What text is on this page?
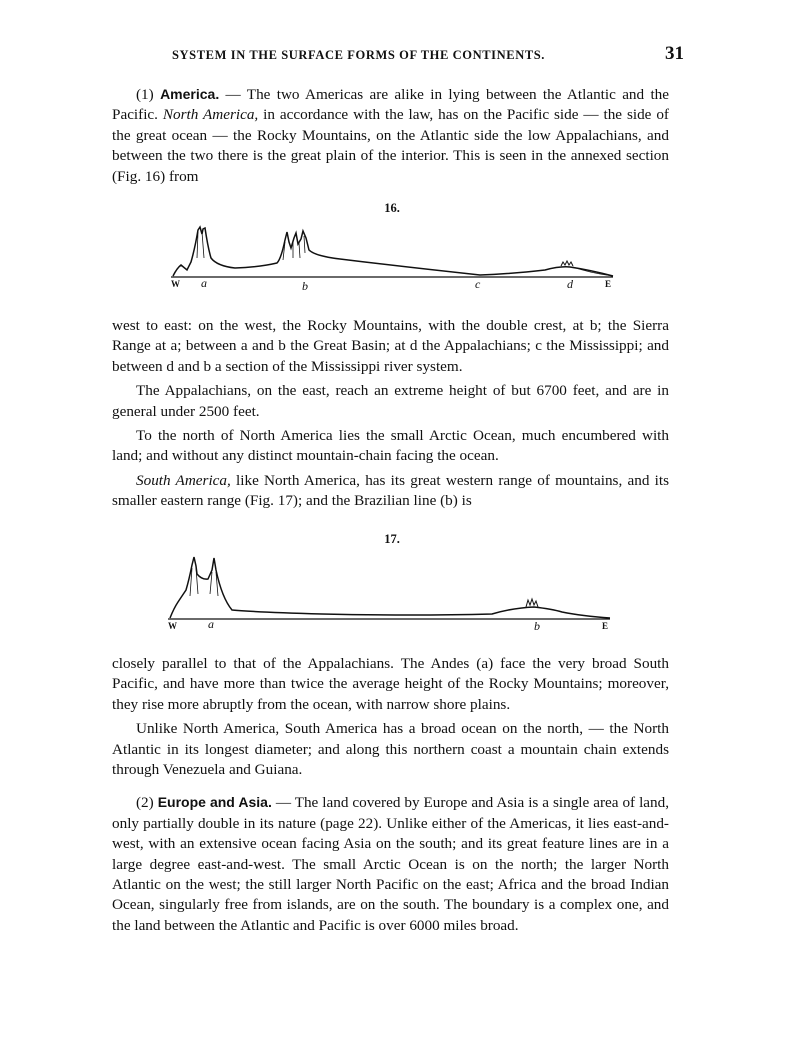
SYSTEM IN THE SURFACE FORMS OF THE CONTINENTS.	31

(1) America. — The two Americas are alike in lying between the Atlantic and the Pacific. North America, in accordance with the law, has on the Pacific side — the side of the great ocean — the Rocky Mountains, on the Atlantic side the low Appalachians, and between the two there is the great plain of the interior. This is seen in the annexed section (Fig. 16) from

16.
W a	b	c	d	E

west to east: on the west, the Rocky Mountains, with the double crest, at b; the Sierra Range at a; between a and b the Great Basin; at d the Appalachians; c the Mississippi; and between d and b a section of the Mississippi river system.

The Appalachians, on the east, reach an extreme height of but 6700 feet, and are in general under 2500 feet.

To the north of North America lies the small Arctic Ocean, much encumbered with land; and without any distinct mountain-chain facing the ocean.

South America, like North America, has its great western range of mountains, and its smaller eastern range (Fig. 17); and the Brazilian line (b) is

17.
W	a	b	E

closely parallel to that of the Appalachians. The Andes (a) face the very broad South Pacific, and have more than twice the average height of the Rocky Mountains; moreover, they rise more abruptly from the ocean, with narrow shore plains.

Unlike North America, South America has a broad ocean on the north, — the North Atlantic in its longest diameter; and along this northern coast a mountain chain extends through Venezuela and Guiana.

(2) Europe and Asia. — The land covered by Europe and Asia is a single area of land, only partially double in its nature (page 22). Unlike either of the Americas, it lies east-and-west, with an extensive ocean facing Asia on the south; and its great feature lines are in a large degree east-and-west. The small Arctic Ocean is on the north; the larger North Atlantic on the west; the still larger North Pacific on the east; Africa and the broad Indian Ocean, singularly free from islands, are on the south. The boundary is a complex one, and the land between the Atlantic and Pacific is over 6000 miles broad.
